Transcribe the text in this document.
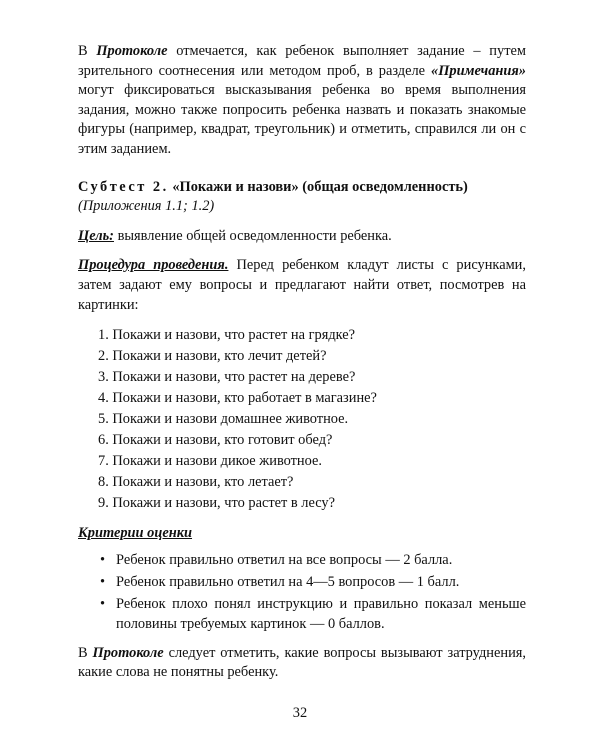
В Протоколе отмечается, как ребенок выполняет задание – путем зрительного соотнесения или методом проб, в разделе «Примечания» могут фиксироваться высказывания ребенка во время выполнения задания, можно также попросить ребенка назвать и показать знакомые фигуры (например, квадрат, треугольник) и отметить, справился ли он с этим заданием.

Субтест 2. «Покажи и назови» (общая осведомленность)

(Приложения 1.1; 1.2)

Цель: выявление общей осведомленности ребенка.

Процедура проведения. Перед ребенком кладут листы с рисунками, затем задают ему вопросы и предлагают найти ответ, посмотрев на картинки:

1. Покажи и назови, что растет на грядке?
2. Покажи и назови, кто лечит детей?
3. Покажи и назови, что растет на дереве?
4. Покажи и назови, кто работает в магазине?
5. Покажи и назови домашнее животное.
6. Покажи и назови, кто готовит обед?
7. Покажи и назови дикое животное.
8. Покажи и назови, кто летает?
9. Покажи и назови, что растет в лесу?

Критерии оценки

• Ребенок правильно ответил на все вопросы — 2 балла.
• Ребенок правильно ответил на 4—5 вопросов — 1 балл.
• Ребенок плохо понял инструкцию и правильно показал меньше половины требуемых картинок — 0 баллов.

В Протоколе следует отметить, какие вопросы вызывают затруднения, какие слова не понятны ребенку.

32
